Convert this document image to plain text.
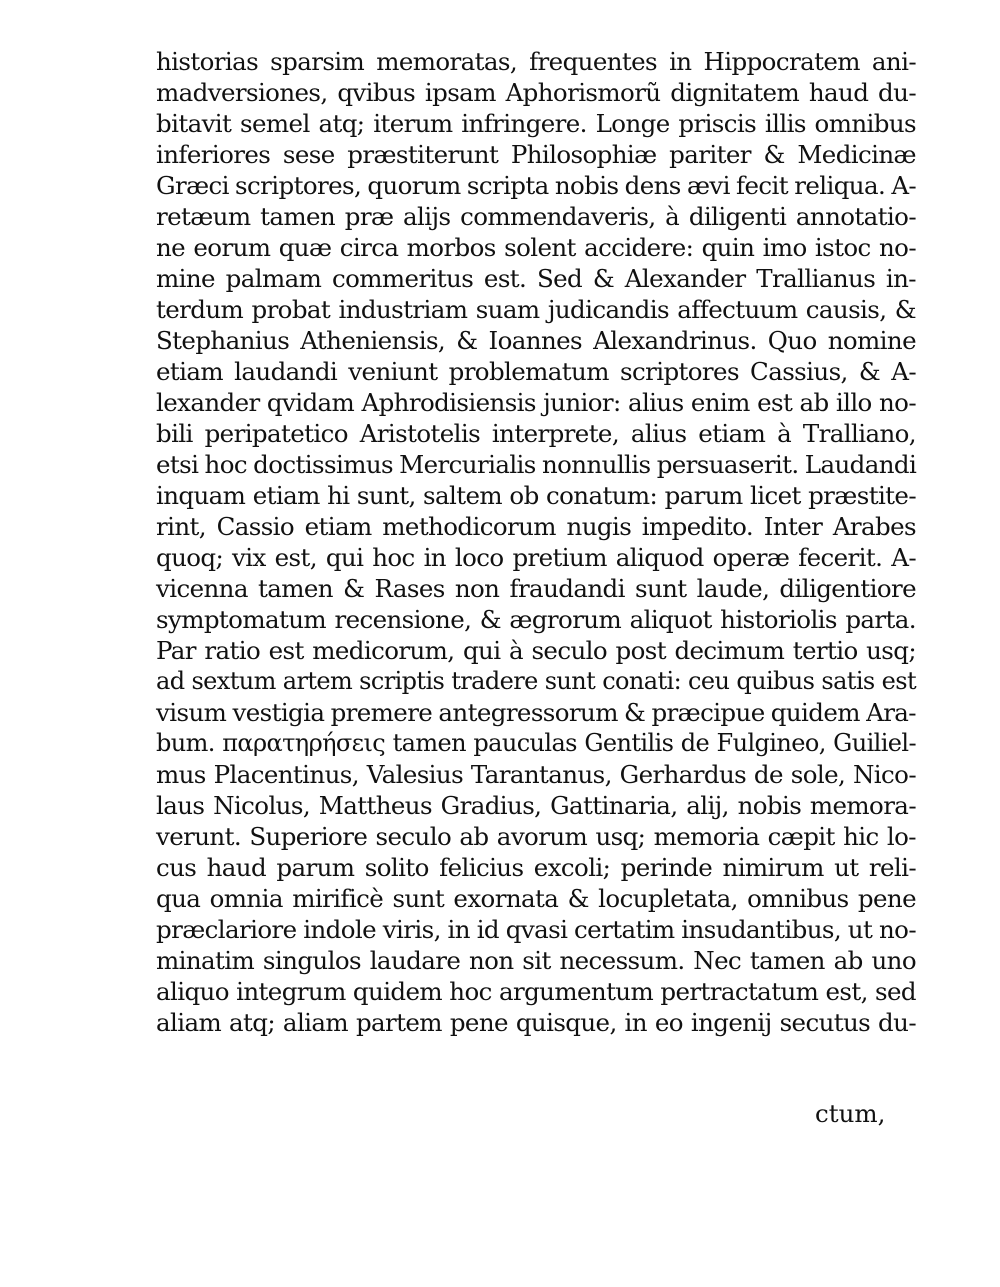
historias sparsim memoratas, frequentes in Hippocratem ani-
madversiones, qvibus ipsam Aphorismorũ dignitatem haud du-
bitavit semel atq; iterum infringere. Longe priscis illis omnibus
inferiores sese præstiterunt Philosophiæ pariter & Medicinæ
Græci scriptores, quorum scripta nobis dens ævi fecit reliqua. A-
retæum tamen præ alijs commendaveris, à diligenti annotatio-
ne eorum quæ circa morbos solent accidere: quin imo istoc no-
mine palmam commeritus est. Sed & Alexander Trallianus in-
terdum probat industriam suam judicandis affectuum causis, &
Stephanius Atheniensis, & Ioannes Alexandrinus. Quo nomine
etiam laudandi veniunt problematum scriptores Cassius, & A-
lexander qvidam Aphrodisiensis junior: alius enim est ab illo no-
bili peripatetico Aristotelis interprete, alius etiam à Tralliano,
etsi hoc doctissimus Mercurialis nonnullis persuaserit. Laudandi
inquam etiam hi sunt, saltem ob conatum: parum licet præstite-
rint, Cassio etiam methodicorum nugis impedito. Inter Arabes
quoq; vix est, qui hoc in loco pretium aliquod operæ fecerit. A-
vicenna tamen & Rases non fraudandi sunt laude, diligentiore
symptomatum recensione, & ægrorum aliquot historiolis parta.
Par ratio est medicorum, qui à seculo post decimum tertio usq;
ad sextum artem scriptis tradere sunt conati: ceu quibus satis est
visum vestigia premere antegressorum & præcipue quidem Ara-
bum. παρατηρήσεις tamen pauculas Gentilis de Fulgineo, Guiliel-
mus Placentinus, Valesius Tarantanus, Gerhardus de sole, Nico-
laus Nicolus, Mattheus Gradius, Gattinaria, alij, nobis memora-
verunt. Superiore seculo ab avorum usq; memoria cæpit hic lo-
cus haud parum solito felicius excoli; perinde nimirum ut reli-
qua omnia mirificè sunt exornata & locupletata, omnibus pene
præclariore indole viris, in id qvasi certatim insudantibus, ut no-
minatim singulos laudare non sit necessum. Nec tamen ab uno
aliquo integrum quidem hoc argumentum pertractatum est, sed
aliam atq; aliam partem pene quisque, in eo ingenij secutus du-
ctum,
